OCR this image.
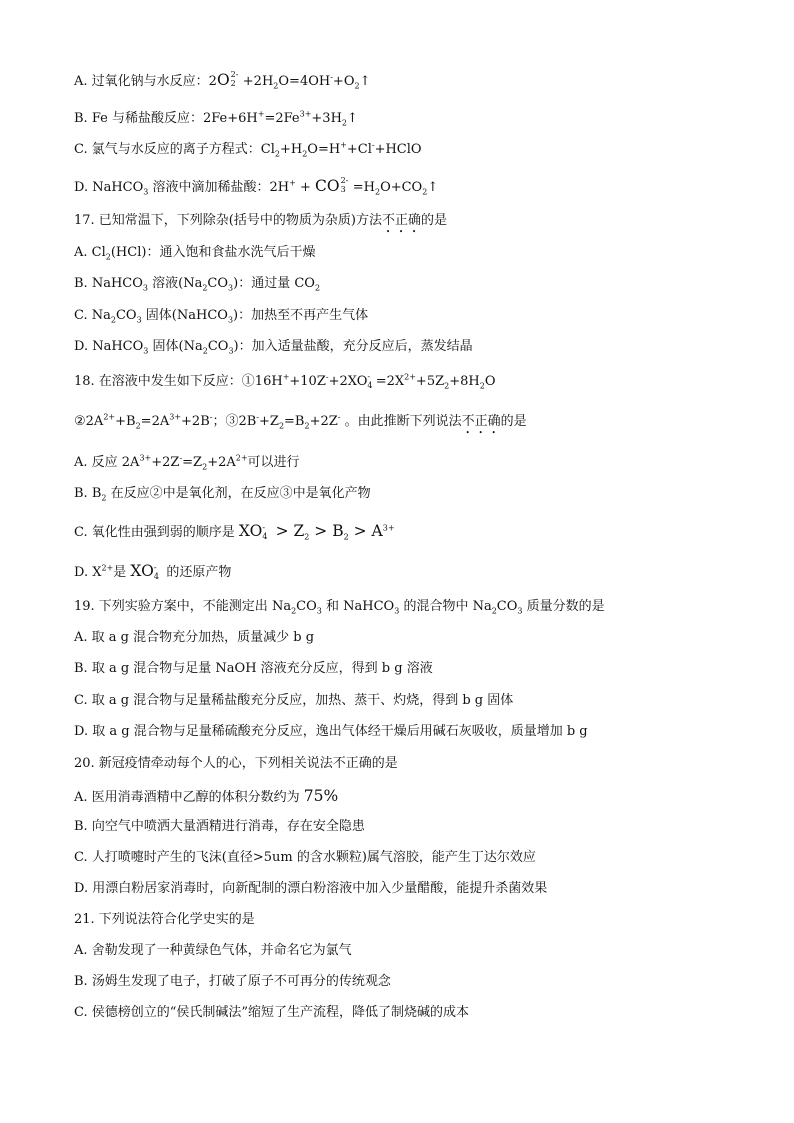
A. 过氧化钠与水反应：2O 2-
$2 +2H_2O=4OH^-+O_2↑$
B. Fe 与稀盐酸反应：$2Fe+6H^+=2Fe^{3+}+3H_2↑$
C. 氯气与水反应的离子方程式：$Cl_2+H_2O=H^++Cl^-+HClO$
D. NaHCO$_3$ 溶液中滴加稀盐酸：2H+ + CO 2-
$3 =H_2O+CO_2↑$
17. 已知常温下，下列除杂(括号中的物质为杂质)方法不正确的是
A. $Cl_2(HCl)$：通入饱和食盐水洗气后干燥
B. NaHCO$_3$ 溶液$(Na_2CO_3)$：通过量 $CO_2$
C. $Na_2CO_3$ 固体(NaHCO$_3$)：加热至不再产生气体
D. NaHCO$_3$ 固体$(Na_2CO_3)$：加入适量盐酸，充分反应后，蒸发结晶
18. 在溶液中发生如下反应：①16H++10Z-+2XO -
$4 =2X^{2+}+5Z_2+8H_2O$
$②2A^{2+}+B_2=2A^{3+}+2B^-$；$③2B^-+Z_2=B_2+2Z^-$ 。由此推断下列说法不正确的是
A. 反应 $2A^{3+}+2Z^-=Z_2+2A^{2+}$可以进行
B. $B_2$ 在反应②中是氧化剂，在反应③中是氧化产物
C. 氧化性由强到弱的顺序是 XO -
$4 > Z_2 > B_2 > A^{3+}$
D. $X^{2+}$是 XO -
4 的还原产物
19. 下列实验方案中，不能测定出 $Na_2CO_3$ 和 NaHCO$_3$ 的混合物中 $Na_2CO_3$ 质量分数的是
A. 取 a g 混合物充分加热，质量减少 b g
B. 取 a g 混合物与足量 NaOH 溶液充分反应，得到 b g 溶液
C. 取 a g 混合物与足量稀盐酸充分反应，加热、蒸干、灼烧，得到 b g 固体
D. 取 a g 混合物与足量稀硫酸充分反应，逸出气体经干燥后用碱石灰吸收，质量增加 b g
20. 新冠疫情牵动每个人的心，下列相关说法不正确的是
A. 医用消毒酒精中乙醇的体积分数约为 75%
B. 向空气中喷洒大量酒精进行消毒，存在安全隐患
C. 人打喷嚏时产生的飞沫(直径>5um 的含水颗粒)属气溶胶，能产生丁达尔效应
D. 用漂白粉居家消毒时，向新配制的漂白粉溶液中加入少量醋酸，能提升杀菌效果
21. 下列说法符合化学史实的是
A. 舍勒发现了一种黄绿色气体，并命名它为氯气
B. 汤姆生发现了电子，打破了原子不可再分的传统观念
C. 侯德榜创立的“侯氏制碱法”缩短了生产流程，降低了制烧碱的成本
